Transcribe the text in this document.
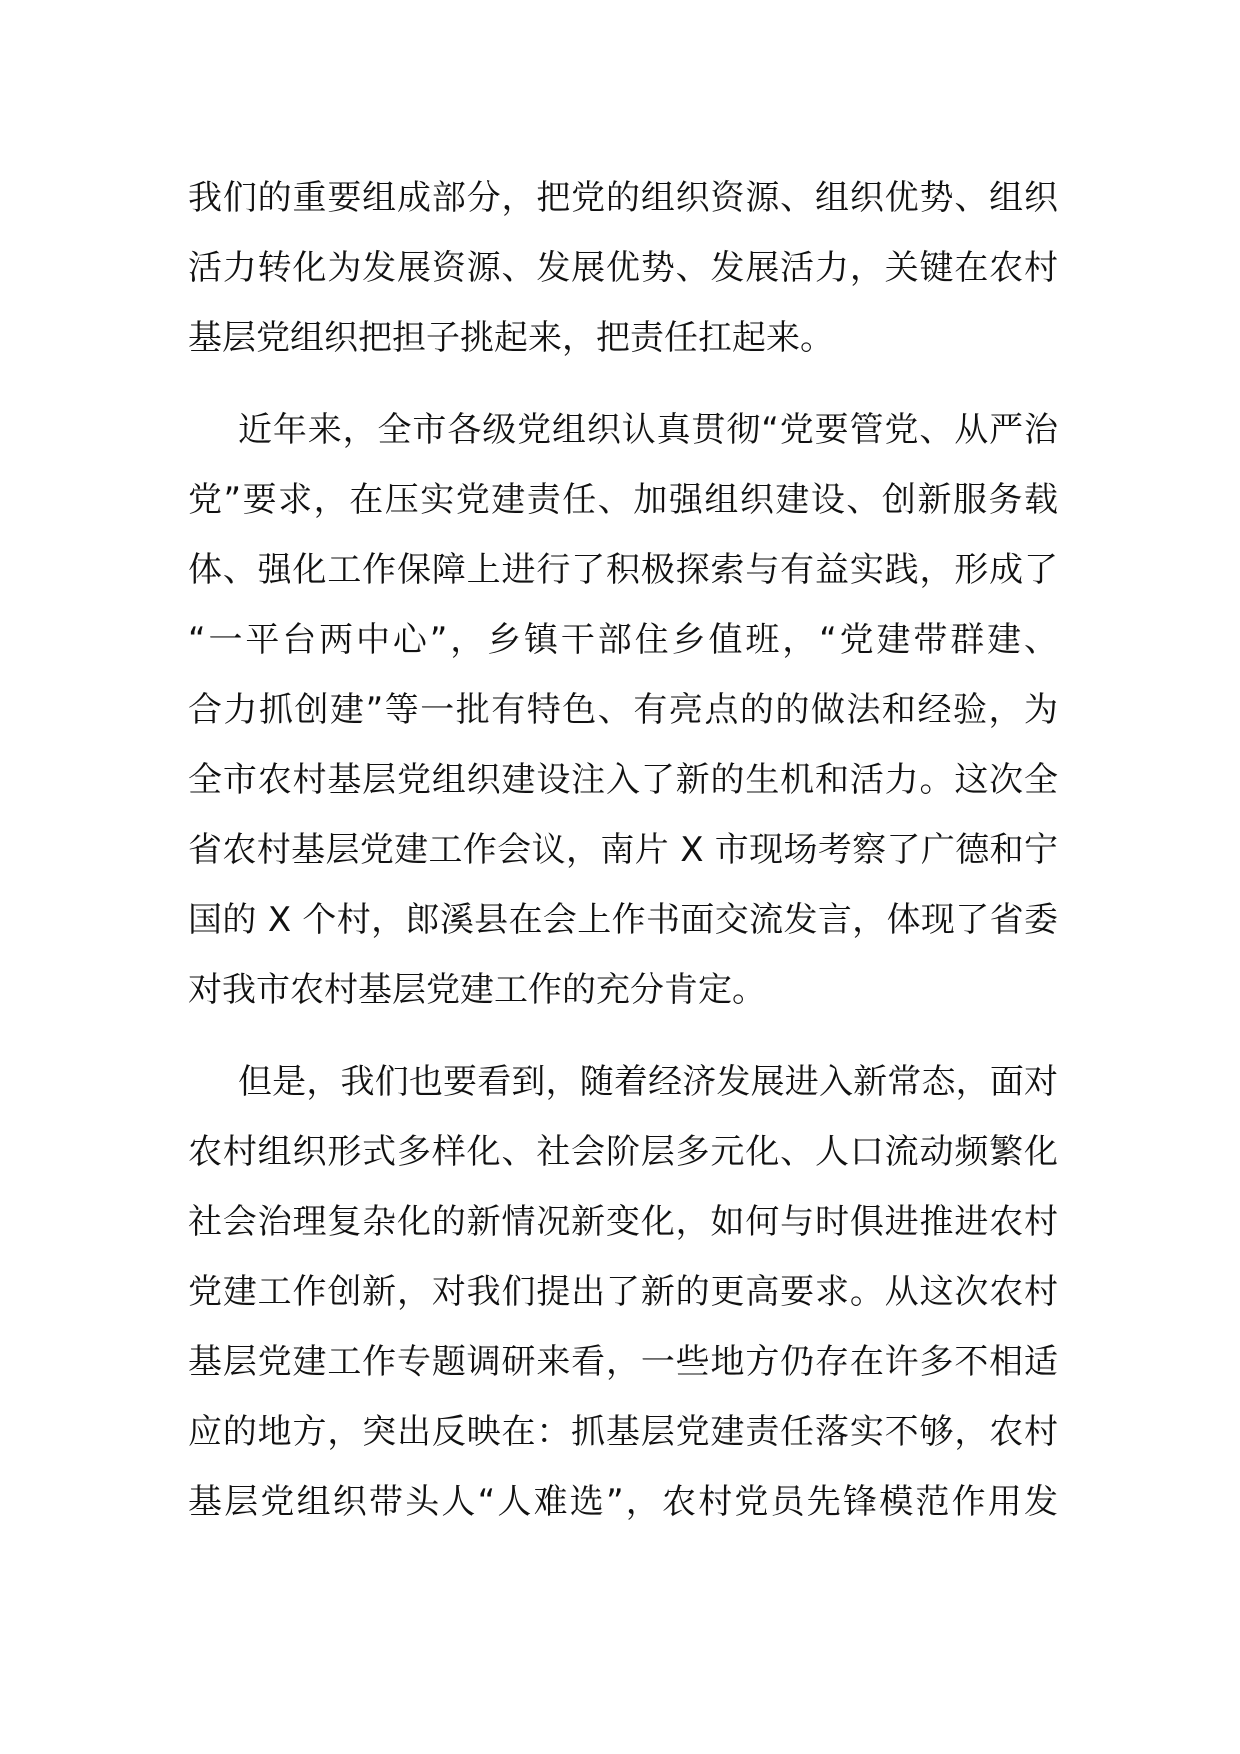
我们的重要组成部分，把党的组织资源、组织优势、组织
活力转化为发展资源、发展优势、发展活力，关键在农村
基层党组织把担子挑起来，把责任扛起来。
近年来，全市各级党组织认真贯彻“党要管党、从严治
党”要求，在压实党建责任、加强组织建设、创新服务载
体、强化工作保障上进行了积极探索与有益实践，形成了
“一平台两中心”，乡镇干部住乡值班，“党建带群建、
合力抓创建”等一批有特色、有亮点的的做法和经验，为
全市农村基层党组织建设注入了新的生机和活力。这次全
省农村基层党建工作会议，南片 X 市现场考察了广德和宁
国的 X 个村，郎溪县在会上作书面交流发言，体现了省委
对我市农村基层党建工作的充分肯定。
但是，我们也要看到，随着经济发展进入新常态，面对
农村组织形式多样化、社会阶层多元化、人口流动频繁化
社会治理复杂化的新情况新变化，如何与时俱进推进农村
党建工作创新，对我们提出了新的更高要求。从这次农村
基层党建工作专题调研来看，一些地方仍存在许多不相适
应的地方，突出反映在：抓基层党建责任落实不够，农村
基层党组织带头人“人难选”，农村党员先锋模范作用发
